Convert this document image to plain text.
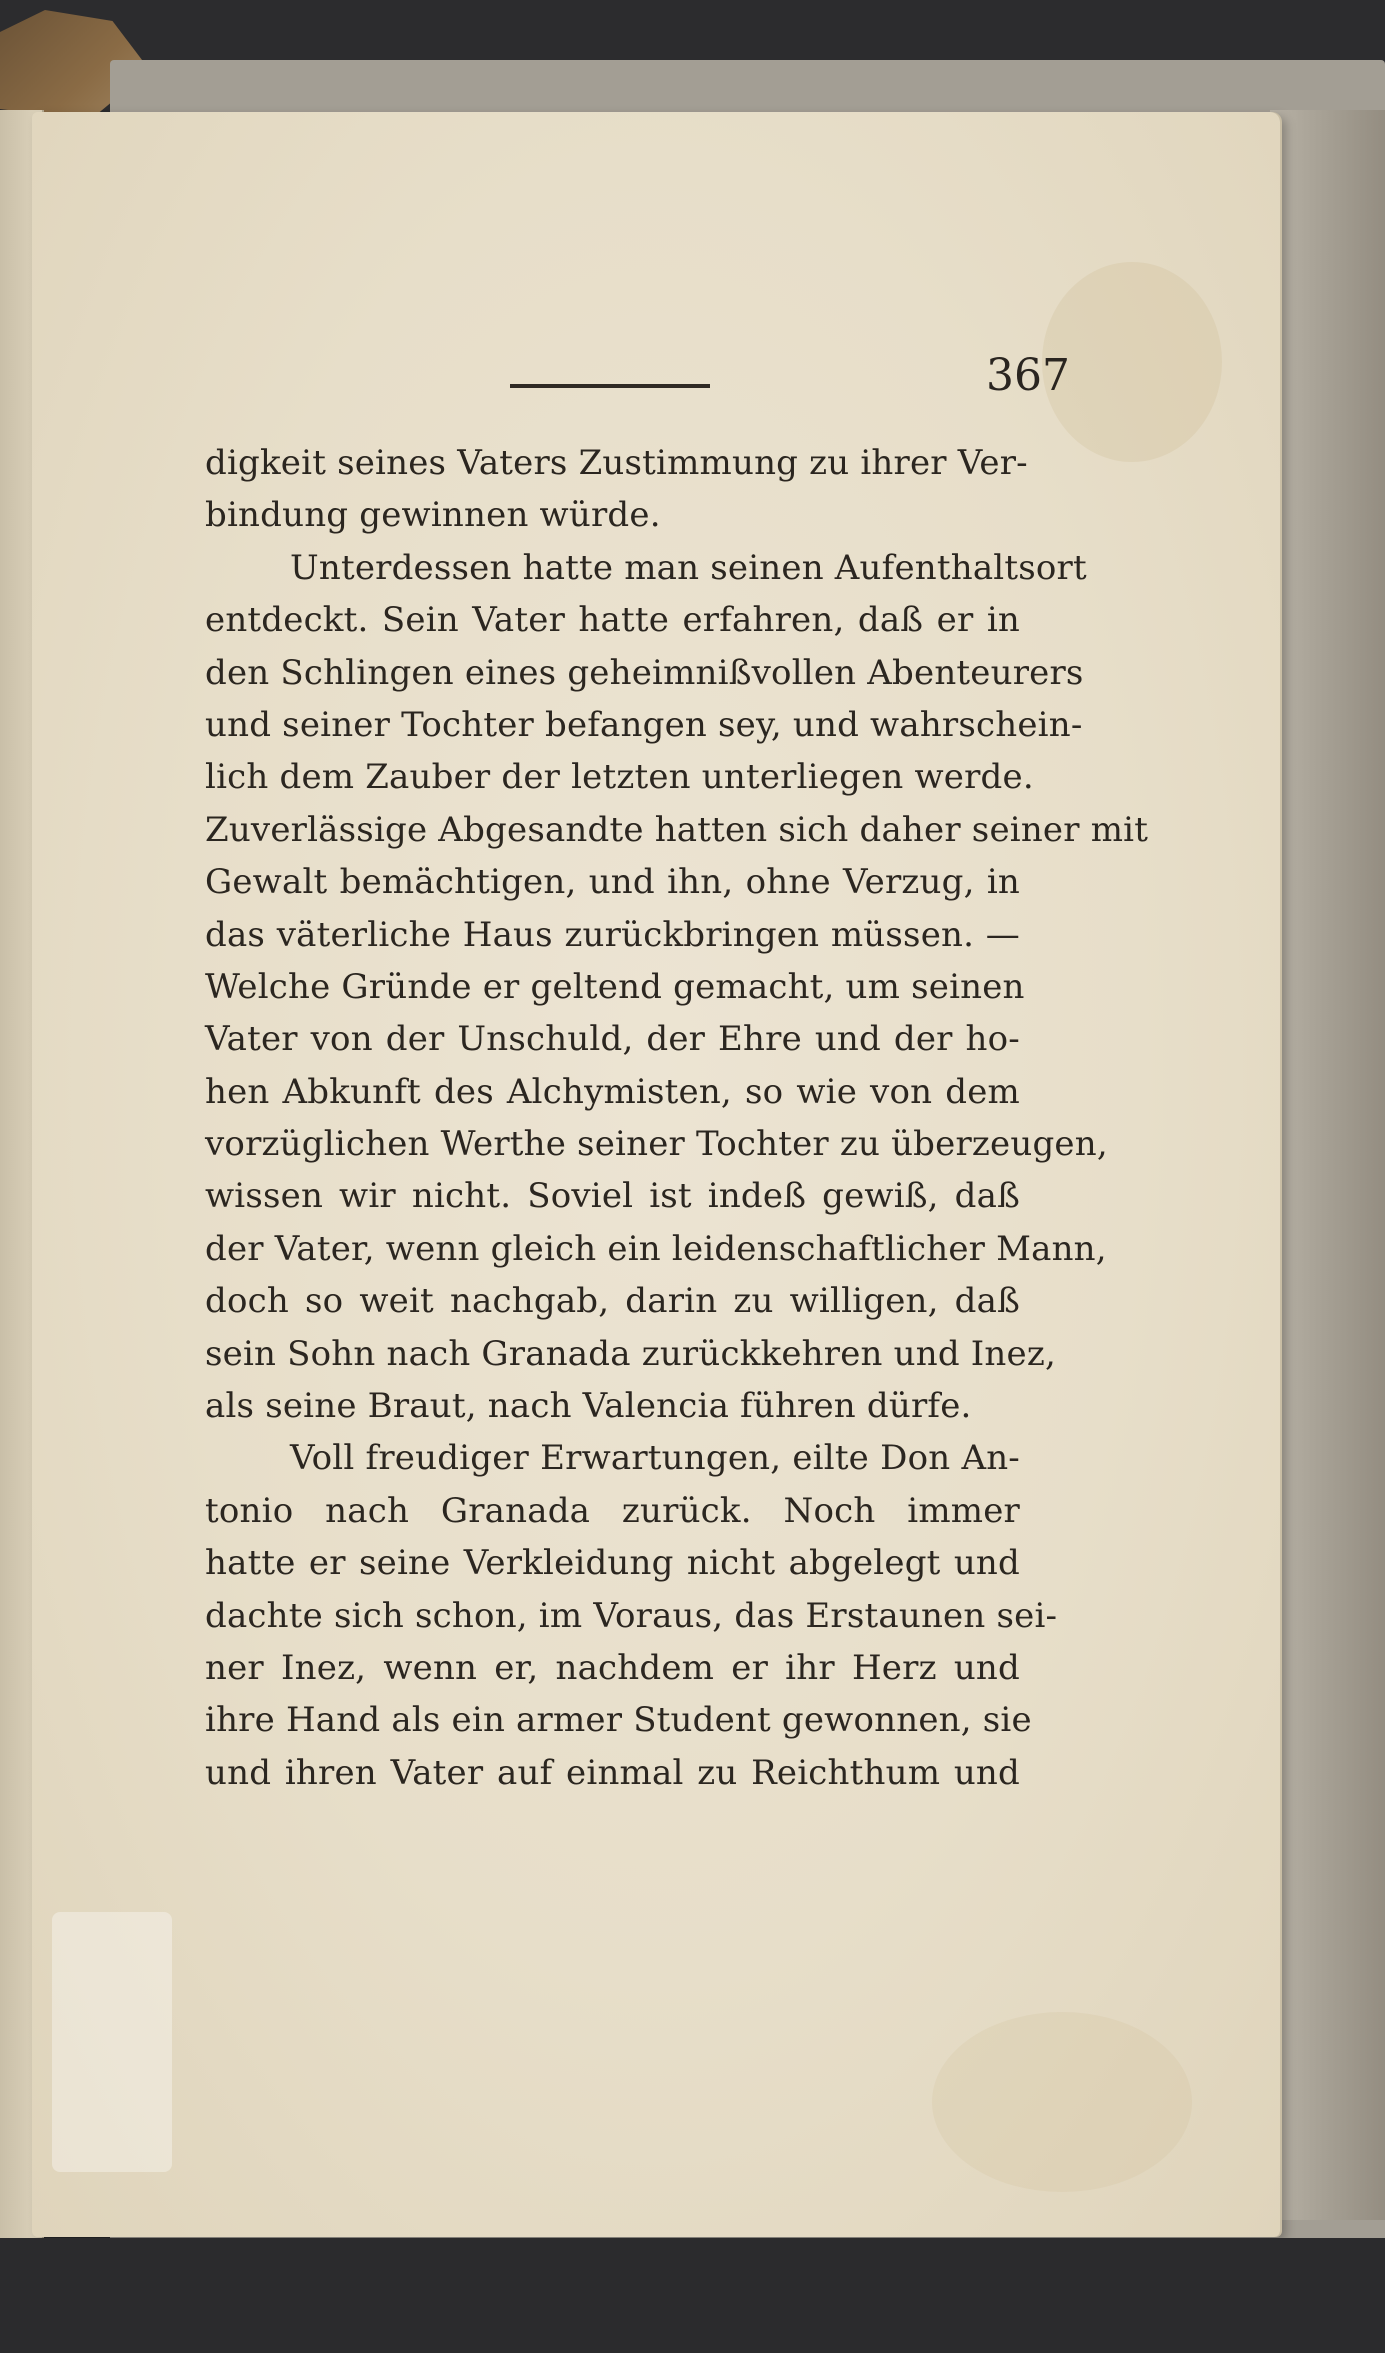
367
digkeit seines Vaters Zustimmung zu ihrer Ver-
bindung gewinnen würde.
Unterdessen hatte man seinen Aufenthaltsort
entdeckt. Sein Vater hatte erfahren, daß er in
den Schlingen eines geheimnißvollen Abenteurers
und seiner Tochter befangen sey, und wahrschein-
lich dem Zauber der letzten unterliegen werde.
Zuverlässige Abgesandte hatten sich daher seiner mit
Gewalt bemächtigen, und ihn, ohne Verzug, in
das väterliche Haus zurückbringen müssen. —
Welche Gründe er geltend gemacht, um seinen
Vater von der Unschuld, der Ehre und der ho-
hen Abkunft des Alchymisten, so wie von dem
vorzüglichen Werthe seiner Tochter zu überzeugen,
wissen wir nicht. Soviel ist indeß gewiß, daß
der Vater, wenn gleich ein leidenschaftlicher Mann,
doch so weit nachgab, darin zu willigen, daß
sein Sohn nach Granada zurückkehren und Inez,
als seine Braut, nach Valencia führen dürfe.
Voll freudiger Erwartungen, eilte Don An-
tonio nach Granada zurück. Noch immer
hatte er seine Verkleidung nicht abgelegt und
dachte sich schon, im Voraus, das Erstaunen sei-
ner Inez, wenn er, nachdem er ihr Herz und
ihre Hand als ein armer Student gewonnen, sie
und ihren Vater auf einmal zu Reichthum und
